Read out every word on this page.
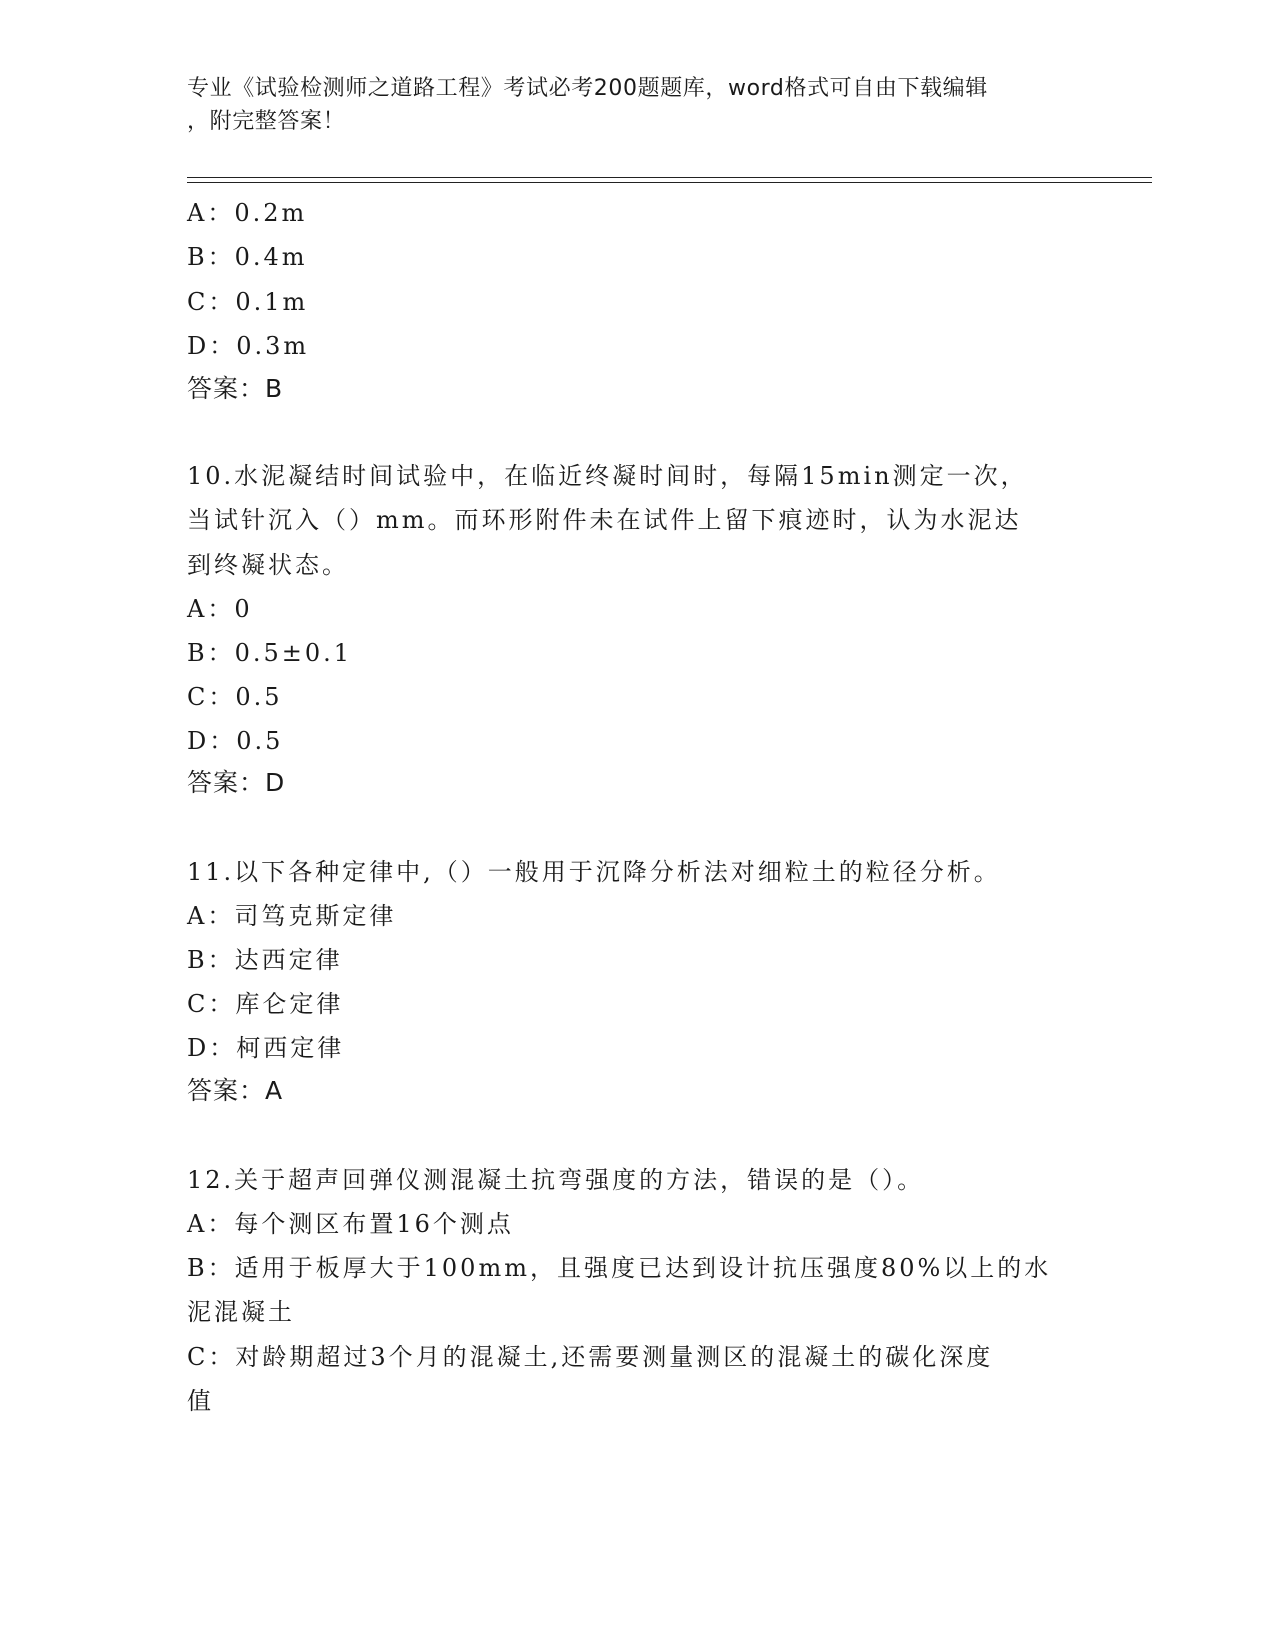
专业《试验检测师之道路工程》考试必考200题题库，word格式可自由下载编辑
，附完整答案！
A：0.2m
B：0.4m
C：0.1m
D：0.3m
答案：B
10.水泥凝结时间试验中，在临近终凝时间时，每隔15min测定一次，
当试针沉入（）mm。而环形附件未在试件上留下痕迹时，认为水泥达
到终凝状态。
A：0
B：0.5±0.1
C：0.5
D：0.5
答案：D
11.以下各种定律中,（）一般用于沉降分析法对细粒土的粒径分析。
A：司笃克斯定律
B：达西定律
C：库仑定律
D：柯西定律
答案：A
12.关于超声回弹仪测混凝土抗弯强度的方法，错误的是（）。
A：每个测区布置16个测点
B：适用于板厚大于100mm，且强度已达到设计抗压强度80%以上的水
泥混凝土
C：对龄期超过3个月的混凝土,还需要测量测区的混凝土的碳化深度
值
